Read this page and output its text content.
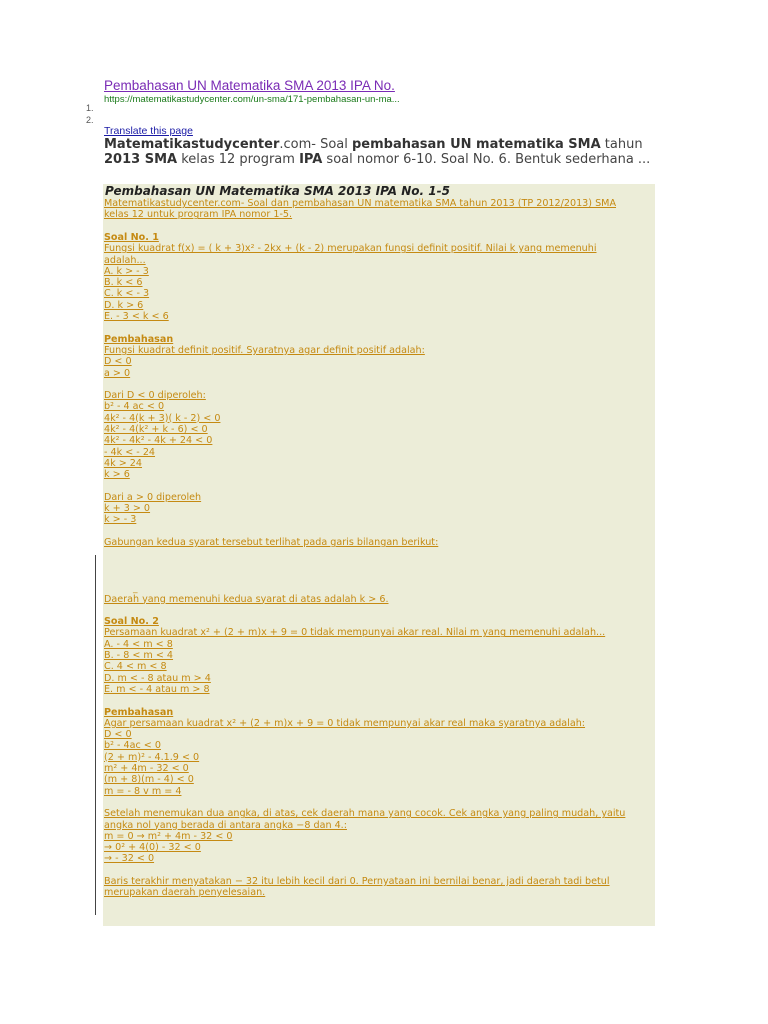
Pembahasan UN Matematika SMA 2013 IPA No.
https://matematikastudycenter.com/un-sma/171-pembahasan-un-ma...
1.
2.
Translate this page
Matematikastudycenter.com- Soal pembahasan UN matematika SMA tahun 2013 SMA kelas 12 program IPA soal nomor 6-10. Soal No. 6. Bentuk sederhana ...
Pembahasan UN Matematika SMA 2013 IPA No. 1-5
_
Matematikastudycenter.com- Soal dan pembahasan UN matematika SMA tahun 2013 (TP 2012/2013) SMA
kelas 12 untuk program IPA nomor 1-5.
Soal No. 1
Fungsi kuadrat f(x) = ( k + 3)x² - 2kx + (k - 2) merupakan fungsi definit positif. Nilai k yang memenuhi
adalah...
A. k > - 3
B. k < 6
C. k < - 3
D. k > 6
E. - 3 < k < 6
Pembahasan
Fungsi kuadrat definit positif. Syaratnya agar definit positif adalah:
D < 0
a > 0
Dari D < 0 diperoleh:
b² - 4 ac < 0
4k² - 4(k + 3)( k - 2) < 0
4k² - 4(k² + k - 6) < 0
4k² - 4k² - 4k + 24 < 0
- 4k < - 24
4k > 24
k > 6
Dari a > 0 diperoleh
k + 3 > 0
k > - 3
Gabungan kedua syarat tersebut terlihat pada garis bilangan berikut:
Daerah yang memenuhi kedua syarat di atas adalah k > 6.
Soal No. 2
Persamaan kuadrat x² + (2 + m)x + 9 = 0 tidak mempunyai akar real. Nilai m yang memenuhi adalah...
A. - 4 < m < 8
B. - 8 < m < 4
C. 4 < m < 8
D. m < - 8 atau m > 4
E. m < - 4 atau m > 8
Pembahasan
Agar persamaan kuadrat x² + (2 + m)x + 9 = 0 tidak mempunyai akar real maka syaratnya adalah:
D < 0
b² - 4ac < 0
(2 + m)² - 4.1.9 < 0
m² + 4m - 32 < 0
(m + 8)(m - 4) < 0
m = - 8 v m = 4
Setelah menemukan dua angka, di atas, cek daerah mana yang cocok. Cek angka yang paling mudah, yaitu
angka nol yang berada di antara angka −8 dan 4.:
m = 0 → m² + 4m - 32 < 0
→ 0² + 4(0) - 32 < 0
→ - 32 < 0
Baris terakhir menyatakan − 32 itu lebih kecil dari 0. Pernyataan ini bernilai benar, jadi daerah tadi betul
merupakan daerah penyelesaian.
